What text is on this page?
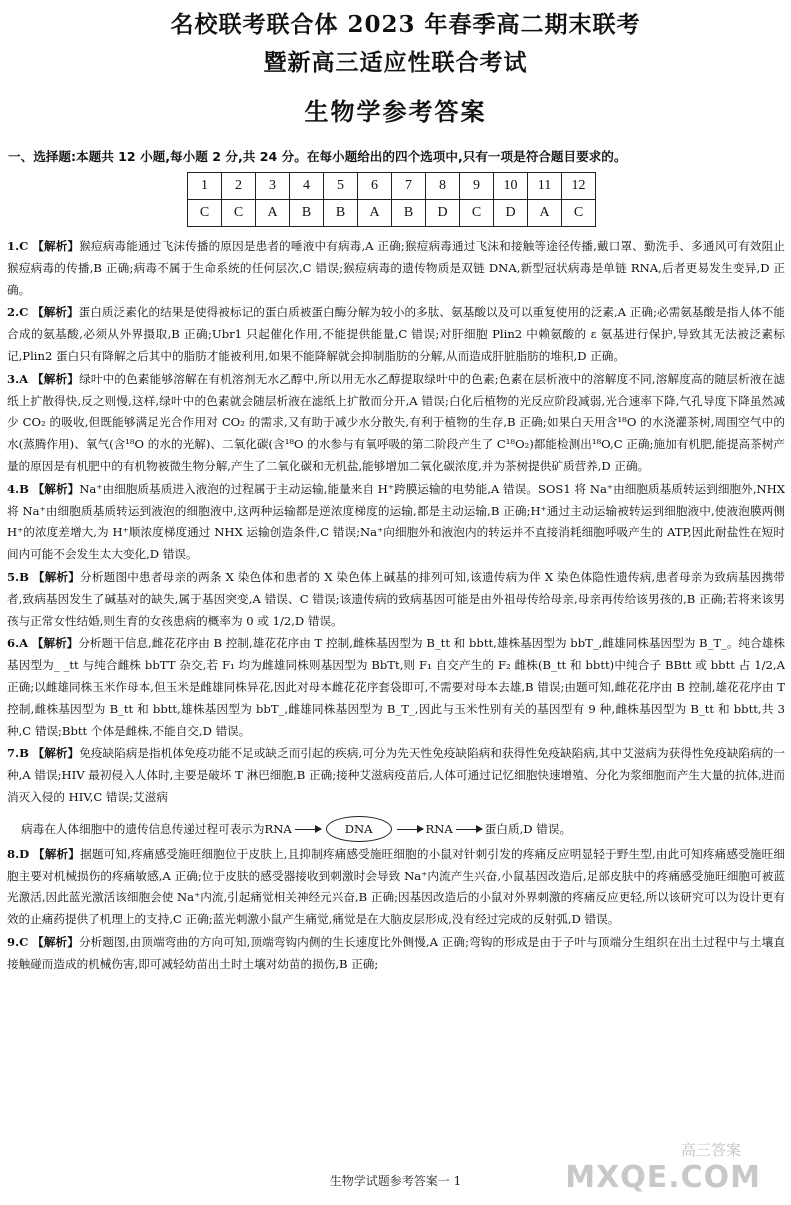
名校联考联合体 2023 年春季高二期末联考
暨新高三适应性联合考试
生物学参考答案
一、选择题:本题共 12 小题,每小题 2 分,共 24 分。在每小题给出的四个选项中,只有一项是符合题目要求的。
1	2	3	4	5	6	7	8	9	10	11	12
C	C	A	B	B	A	B	D	C	D	A	C
1.C 【解析】猴痘病毒能通过飞沫传播的原因是患者的唾液中有病毒,A 正确;猴痘病毒通过飞沫和接触等途径传播,戴口罩、勤洗手、多通风可有效阻止猴痘病毒的传播,B 正确;病毒不属于生命系统的任何层次,C 错误;猴痘病毒的遗传物质是双链 DNA,新型冠状病毒是单链 RNA,后者更易发生变异,D 正确。
2.C 【解析】蛋白质泛素化的结果是使得被标记的蛋白质被蛋白酶分解为较小的多肽、氨基酸以及可以重复使用的泛素,A 正确;必需氨基酸是指人体不能合成的氨基酸,必须从外界摄取,B 正确;Ubr1 只起催化作用,不能提供能量,C 错误;对肝细胞 Plin2 中赖氨酸的 ε 氨基进行保护,导致其无法被泛素标记,Plin2 蛋白只有降解之后其中的脂肪才能被利用,如果不能降解就会抑制脂肪的分解,从而造成肝脏脂肪的堆积,D 正确。
3.A 【解析】绿叶中的色素能够溶解在有机溶剂无水乙醇中,所以用无水乙醇提取绿叶中的色素;色素在层析液中的溶解度不同,溶解度高的随层析液在滤纸上扩散得快,反之则慢,这样,绿叶中的色素就会随层析液在滤纸上扩散而分开,A 错误;白化后植物的光反应阶段减弱,光合速率下降,气孔导度下降虽然减少 CO₂ 的吸收,但既能够满足光合作用对 CO₂ 的需求,又有助于减少水分散失,有利于植物的生存,B 正确;如果白天用含¹⁸O 的水浇灌茶树,周围空气中的水(蒸腾作用)、氧气(含¹⁸O 的水的光解)、二氧化碳(含¹⁸O 的水参与有氧呼吸的第二阶段产生了 C¹⁸O₂)都能检测出¹⁸O,C 正确;施加有机肥,能提高茶树产量的原因是有机肥中的有机物被微生物分解,产生了二氧化碳和无机盐,能够增加二氧化碳浓度,并为茶树提供矿质营养,D 正确。
4.B 【解析】Na⁺由细胞质基质进入液泡的过程属于主动运输,能量来自 H⁺跨膜运输的电势能,A 错误。SOS1 将 Na⁺由细胞质基质转运到细胞外,NHX 将 Na⁺由细胞质基质转运到液泡的细胞液中,这两种运输都是逆浓度梯度的运输,都是主动运输,B 正确;H⁺通过主动运输被转运到细胞液中,使液泡膜两侧 H⁺的浓度差增大,为 H⁺顺浓度梯度通过 NHX 运输创造条件,C 错误;Na⁺向细胞外和液泡内的转运并不直接消耗细胞呼吸产生的 ATP,因此耐盐性在短时间内可能不会发生太大变化,D 错误。
5.B 【解析】分析题图中患者母亲的两条 X 染色体和患者的 X 染色体上碱基的排列可知,该遗传病为伴 X 染色体隐性遗传病,患者母亲为致病基因携带者,致病基因发生了碱基对的缺失,属于基因突变,A 错误、C 错误;该遗传病的致病基因可能是由外祖母传给母亲,母亲再传给该男孩的,B 正确;若将来该男孩与正常女性结婚,则生育的女孩患病的概率为 0 或 1/2,D 错误。
6.A 【解析】分析题干信息,雌花花序由 B 控制,雄花花序由 T 控制,雌株基因型为 B_tt 和 bbtt,雄株基因型为 bbT_,雌雄同株基因型为 B_T_。纯合雄株基因型为_ _tt 与纯合雌株 bbTT 杂交,若 F₁ 均为雌雄同株则基因型为 BbTt,则 F₁ 自交产生的 F₂ 雌株(B_tt 和 bbtt)中纯合子 BBtt 或 bbtt 占 1/2,A 正确;以雌雄同株玉米作母本,但玉米是雌雄同株异花,因此对母本雌花花序套袋即可,不需要对母本去雄,B 错误;由题可知,雌花花序由 B 控制,雄花花序由 T 控制,雌株基因型为 B_tt 和 bbtt,雄株基因型为 bbT_,雌雄同株基因型为 B_T_,因此与玉米性别有关的基因型有 9 种,雌株基因型为 B_tt 和 bbtt,共 3 种,C 错误;Bbtt 个体是雌株,不能自交,D 错误。
7.B 【解析】免疫缺陷病是指机体免疫功能不足或缺乏而引起的疾病,可分为先天性免疫缺陷病和获得性免疫缺陷病,其中艾滋病为获得性免疫缺陷病的一种,A 错误;HIV 最初侵入人体时,主要是破坏 T 淋巴细胞,B 正确;接种艾滋病疫苗后,人体可通过记忆细胞快速增殖、分化为浆细胞而产生大量的抗体,进而消灭入侵的 HIV,C 错误;艾滋病
病毒在人体细胞中的遗传信息传递过程可表示为RNA	DNA	RNA	蛋白质,D 错误。
8.D 【解析】据题可知,疼痛感受施旺细胞位于皮肤上,且抑制疼痛感受施旺细胞的小鼠对针刺引发的疼痛反应明显轻于野生型,由此可知疼痛感受施旺细胞主要对机械损伤的疼痛敏感,A 正确;位于皮肤的感受器接收到刺激时会导致 Na⁺内流产生兴奋,小鼠基因改造后,足部皮肤中的疼痛感受施旺细胞可被蓝光激活,因此蓝光激活该细胞会使 Na⁺内流,引起痛觉相关神经元兴奋,B 正确;因基因改造后的小鼠对外界刺激的疼痛反应更轻,所以该研究可以为设计更有效的止痛药提供了机理上的支持,C 正确;蓝光刺激小鼠产生痛觉,痛觉是在大脑皮层形成,没有经过完成的反射弧,D 错误。
9.C 【解析】分析题图,由顶端弯曲的方向可知,顶端弯钩内侧的生长速度比外侧慢,A 正确;弯钩的形成是由于子叶与顶端分生组织在出土过程中与土壤直接触碰而造成的机械伤害,即可减轻幼苗出土时土壤对幼苗的损伤,B 正确;
高三答案
MXQE.COM
生物学试题参考答案一 1
